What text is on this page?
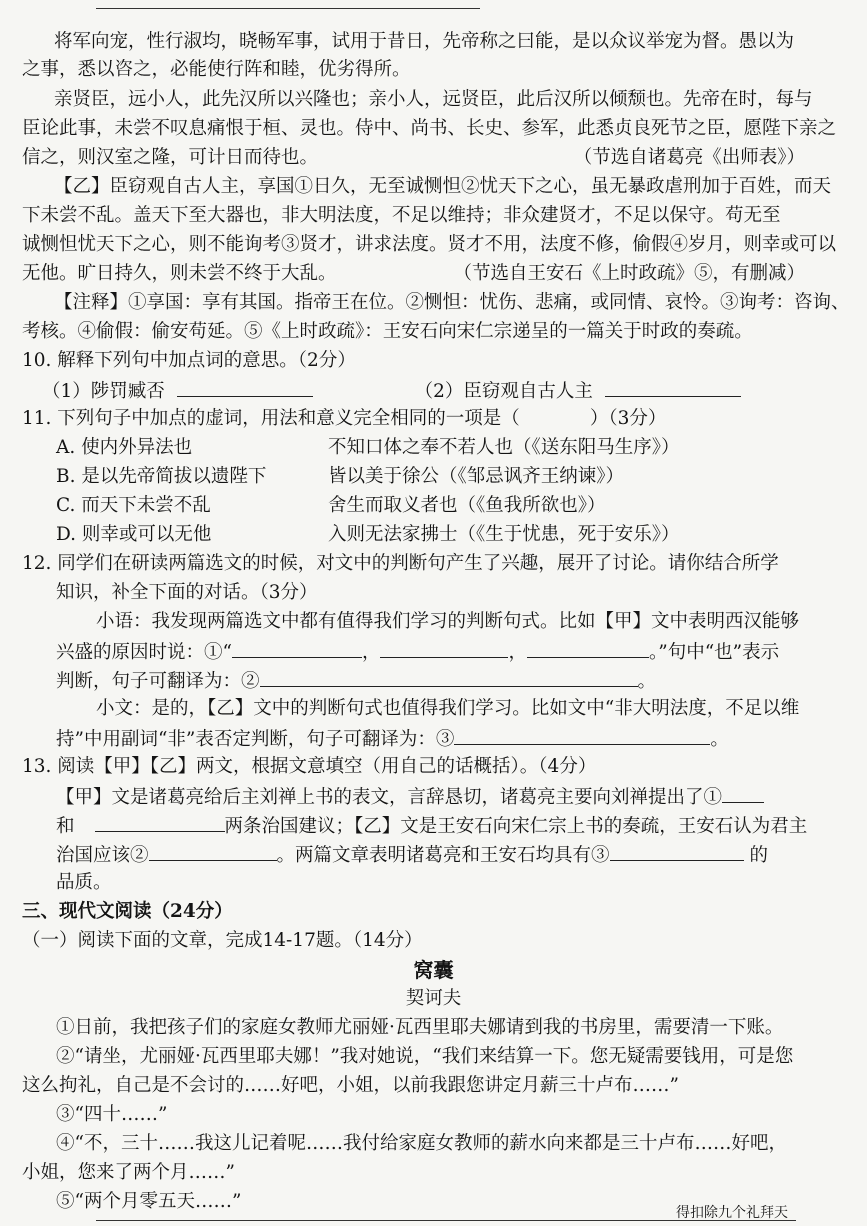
将军向宠，性行淑均，晓畅军事，试用于昔日，先帝称之曰能，是以众议举宠为督。愚以为
之事，悉以咨之，必能使行阵和睦，优劣得所。
亲贤臣，远小人，此先汉所以兴隆也；亲小人，远贤臣，此后汉所以倾颓也。先帝在时，每与
臣论此事，未尝不叹息痛恨于桓、灵也。侍中、尚书、长史、参军，此悉贞良死节之臣，愿陛下亲之
信之，则汉室之隆，可计日而待也。	（节选自诸葛亮《出师表》）
【乙】臣窃观自古人主，享国①日久，无至诚恻怛②忧天下之心，虽无暴政虐刑加于百姓，而天
下未尝不乱。盖天下至大器也，非大明法度，不足以维持；非众建贤才，不足以保守。苟无至
诚恻怛忧天下之心，则不能询考③贤才，讲求法度。贤才不用，法度不修，偷假④岁月，则幸或可以
无他。旷日持久，则未尝不终于大乱。	（节选自王安石《上时政疏》⑤，有删减）
【注释】①享国：享有其国。指帝王在位。②恻怛：忧伤、悲痛，或同情、哀怜。③询考：咨询、
考核。④偷假：偷安苟延。⑤《上时政疏》：王安石向宋仁宗递呈的一篇关于时政的奏疏。
10. 解释下列句中加点词的意思。（2分）
（1）陟罚臧否	（2）臣窃观自古人主
11. 下列句子中加点的虚词，用法和意义完全相同的一项是（	）（3分）
A. 使内外异法也	不知口体之奉不若人也（《送东阳马生序》）
B. 是以先帝简拔以遗陛下	皆以美于徐公（《邹忌讽齐王纳谏》）
C. 而天下未尝不乱	舍生而取义者也（《鱼我所欲也》）
D. 则幸或可以无他	入则无法家拂士（《生于忧患，死于安乐》）
12. 同学们在研读两篇选文的时候，对文中的判断句产生了兴趣，展开了讨论。请你结合所学
知识，补全下面的对话。（3分）
小语：我发现两篇选文中都有值得我们学习的判断句式。比如【甲】文中表明西汉能够
兴盛的原因时说：①“	，	，	。”句中“也”表示
判断，句子可翻译为：②	。
小文：是的，【乙】文中的判断句式也值得我们学习。比如文中“非大明法度，不足以维
持”中用副词“非”表否定判断，句子可翻译为：③	。
13. 阅读【甲】【乙】两文，根据文意填空（用自己的话概括）。（4分）
【甲】文是诸葛亮给后主刘禅上书的表文，言辞恳切，诸葛亮主要向刘禅提出了①
和	两条治国建议；【乙】文是王安石向宋仁宗上书的奏疏，王安石认为君主
治国应该②	。两篇文章表明诸葛亮和王安石均具有③	的
品质。
三、现代文阅读（24分）
（一）阅读下面的文章，完成14-17题。（14分）
窝囊
契诃夫
①日前，我把孩子们的家庭女教师尤丽娅·瓦西里耶夫娜请到我的书房里，需要清一下账。
②“请坐，尤丽娅·瓦西里耶夫娜！”我对她说，“我们来结算一下。您无疑需要钱用，可是您
这么拘礼，自己是不会讨的……好吧，小姐，以前我跟您讲定月薪三十卢布……”
③“四十……”
④“不，三十……我这儿记着呢……我付给家庭女教师的薪水向来都是三十卢布……好吧，
小姐，您来了两个月……”
⑤“两个月零五天……”
得扣除九个礼拜天
